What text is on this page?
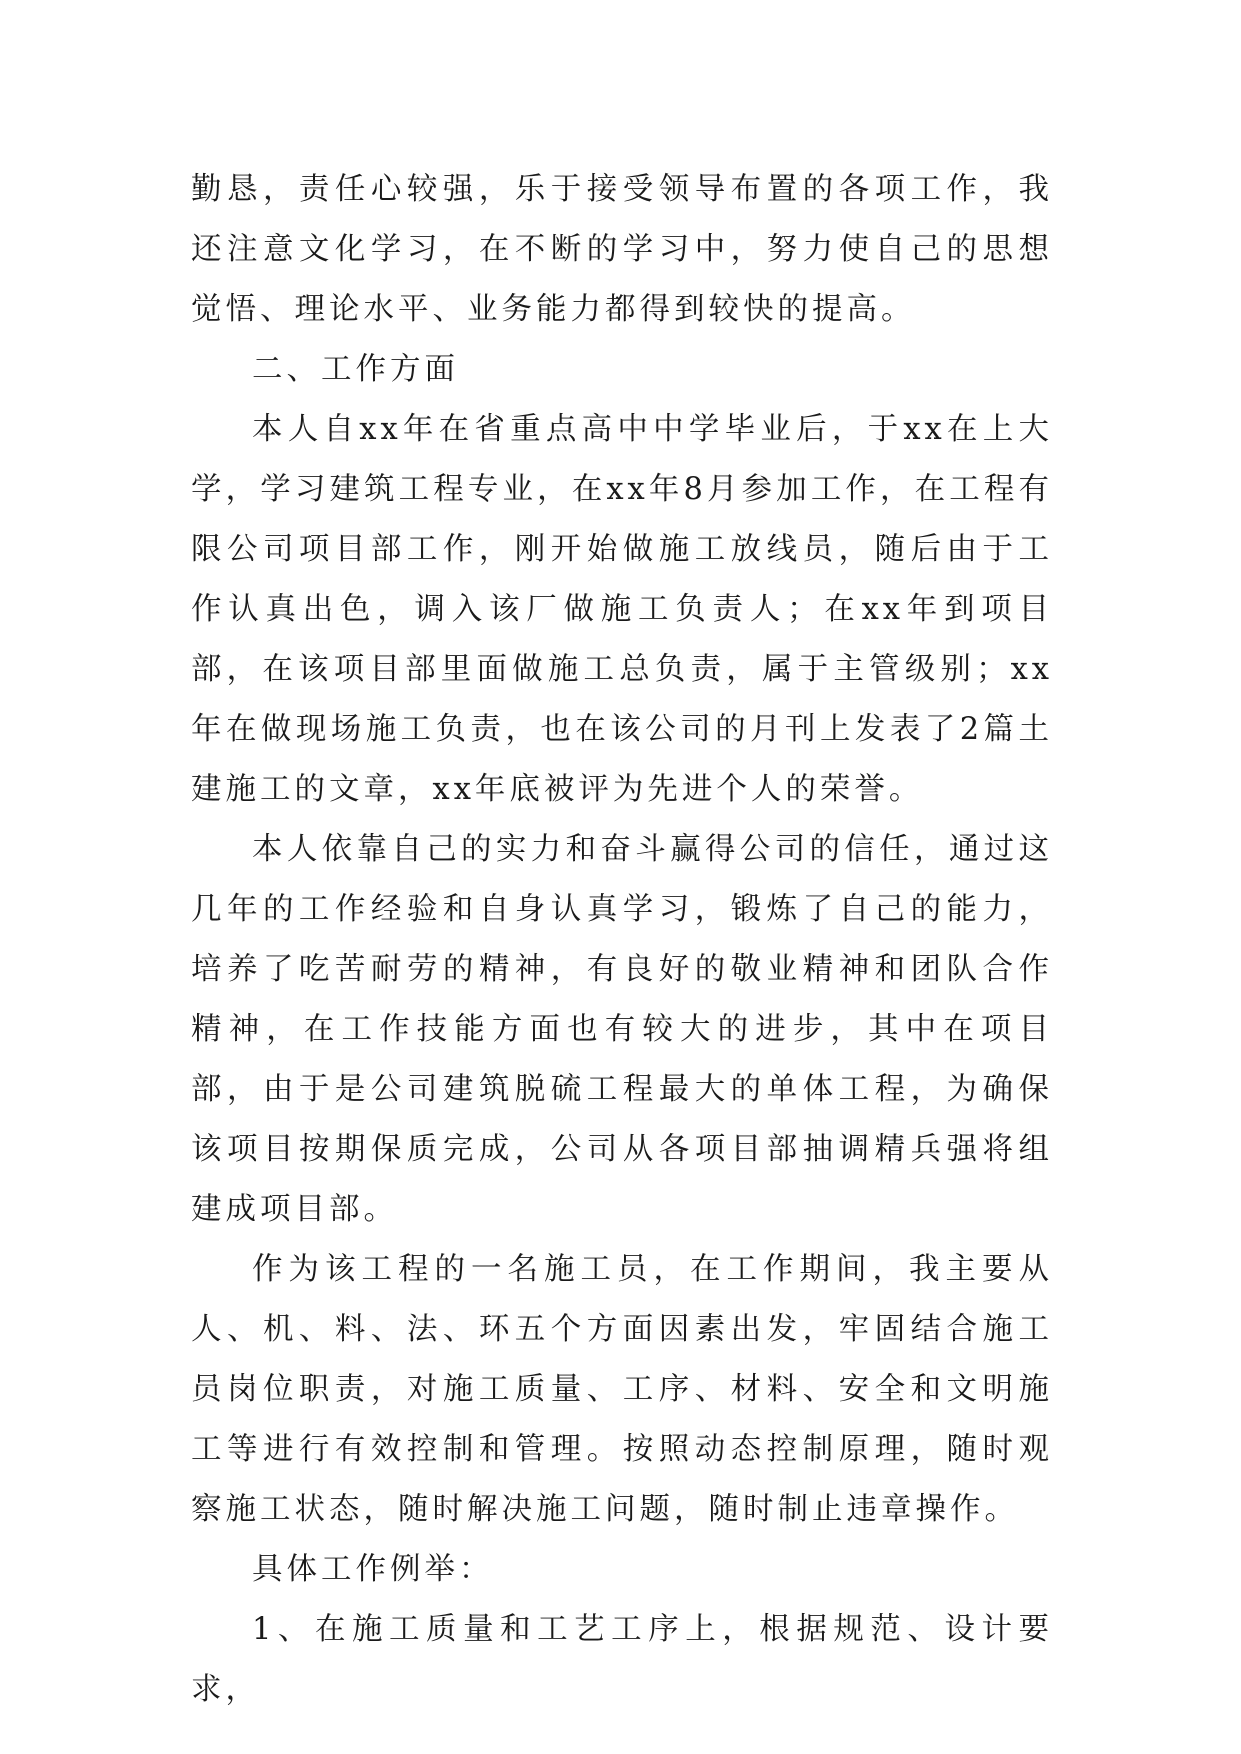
勤恳，责任心较强，乐于接受领导布置的各项工作，我还注意文化学习，在不断的学习中，努力使自己的思想觉悟、理论水平、业务能力都得到较快的提高。

二、工作方面

本人自xx年在省重点高中中学毕业后，于xx在上大学，学习建筑工程专业，在xx年8月参加工作，在工程有限公司项目部工作，刚开始做施工放线员，随后由于工作认真出色，调入该厂做施工负责人；在xx年到项目部，在该项目部里面做施工总负责，属于主管级别；xx年在做现场施工负责，也在该公司的月刊上发表了2篇土建施工的文章，xx年底被评为先进个人的荣誉。

本人依靠自己的实力和奋斗赢得公司的信任，通过这几年的工作经验和自身认真学习，锻炼了自己的能力，培养了吃苦耐劳的精神，有良好的敬业精神和团队合作精神，在工作技能方面也有较大的进步，其中在项目部，由于是公司建筑脱硫工程最大的单体工程，为确保该项目按期保质完成，公司从各项目部抽调精兵强将组建成项目部。

作为该工程的一名施工员，在工作期间，我主要从人、机、料、法、环五个方面因素出发，牢固结合施工员岗位职责，对施工质量、工序、材料、安全和文明施工等进行有效控制和管理。按照动态控制原理，随时观察施工状态，随时解决施工问题，随时制止违章操作。

具体工作例举：

1、在施工质量和工艺工序上，根据规范、设计要求，
